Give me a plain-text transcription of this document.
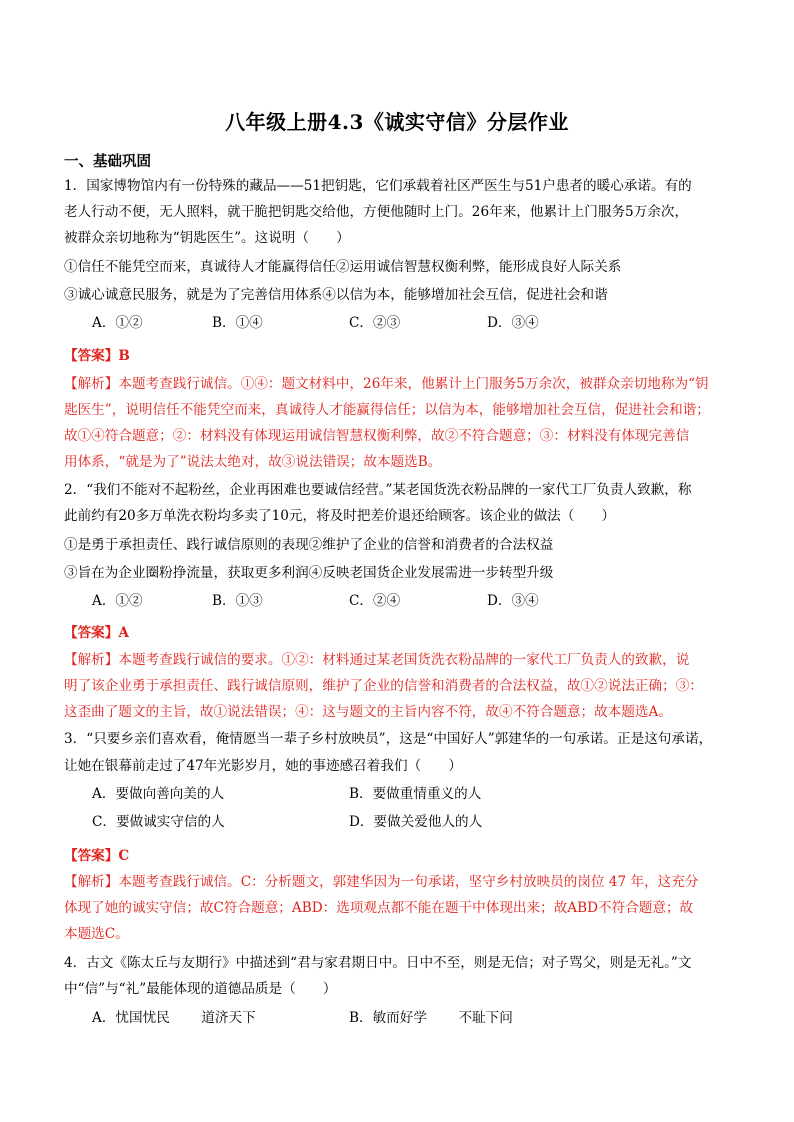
八年级上册4.3《诚实守信》分层作业
一、基础巩固
1．国家博物馆内有一份特殊的藏品——51把钥匙，它们承载着社区严医生与51户患者的暖心承诺。有的
老人行动不便，无人照料，就干脆把钥匙交给他，方便他随时上门。26年来，他累计上门服务5万余次，
被群众亲切地称为“钥匙医生”。这说明（　　）
①信任不能凭空而来，真诚待人才能赢得信任②运用诚信智慧权衡利弊，能形成良好人际关系
③诚心诚意民服务，就是为了完善信用体系④以信为本，能够增加社会互信，促进社会和谐
A．①②	B．①④	C．②③	D．③④
【答案】B
【解析】本题考查践行诚信。①④：题文材料中，26年来，他累计上门服务5万余次，被群众亲切地称为“钥
匙医生”，说明信任不能凭空而来，真诚待人才能赢得信任；以信为本，能够增加社会互信，促进社会和谐；
故①④符合题意；②：材料没有体现运用诚信智慧权衡利弊，故②不符合题意；③：材料没有体现完善信
用体系，“就是为了”说法太绝对，故③说法错误；故本题选B。
2．“我们不能对不起粉丝，企业再困难也要诚信经营。”某老国货洗衣粉品牌的一家代工厂负责人致歉，称
此前约有20多万单洗衣粉均多卖了10元，将及时把差价退还给顾客。该企业的做法（　　）
①是勇于承担责任、践行诚信原则的表现②维护了企业的信誉和消费者的合法权益
③旨在为企业圈粉挣流量，获取更多利润④反映老国货企业发展需进一步转型升级
A．①②	B．①③	C．②④	D．③④
【答案】A
【解析】本题考查践行诚信的要求。①②：材料通过某老国货洗衣粉品牌的一家代工厂负责人的致歉，说
明了该企业勇于承担责任、践行诚信原则，维护了企业的信誉和消费者的合法权益，故①②说法正确；③：
这歪曲了题文的主旨，故①说法错误；④：这与题文的主旨内容不符，故④不符合题意；故本题选A。
3．“只要乡亲们喜欢看，俺情愿当一辈子乡村放映员”，这是“中国好人”郭建华的一句承诺。正是这句承诺，
让她在银幕前走过了47年光影岁月，她的事迹感召着我们（　　）
A．要做向善向美的人	B．要做重情重义的人
C．要做诚实守信的人	D．要做关爱他人的人
【答案】C
【解析】本题考查践行诚信。C：分析题文，郭建华因为一句承诺，坚守乡村放映员的岗位 47 年，这充分
体现了她的诚实守信；故C符合题意；ABD：选项观点都不能在题干中体现出来；故ABD不符合题意；故
本题选C。
4．古文《陈太丘与友期行》中描述到“君与家君期日中。日中不至，则是无信；对子骂父，则是无礼。”文
中“信”与“礼”最能体现的道德品质是（　　）
A．忧国忧民　　 道济天下	B．敏而好学　　 不耻下问
